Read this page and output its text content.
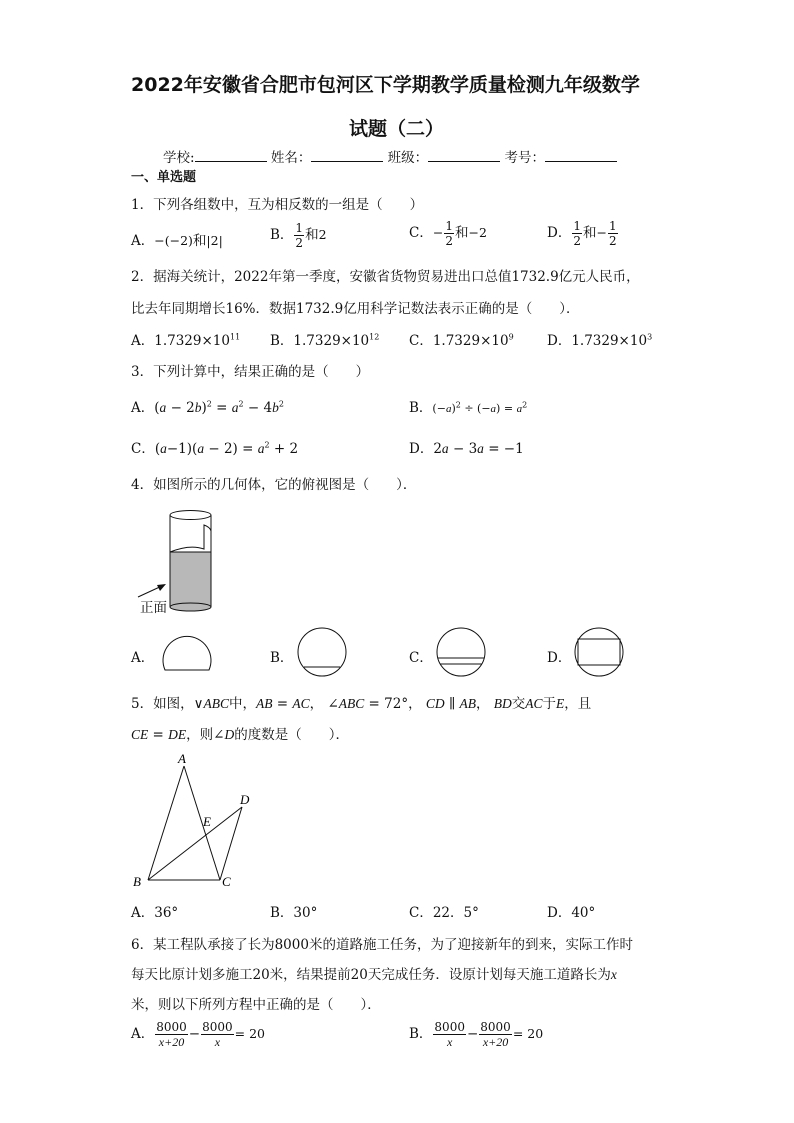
2022年安徽省合肥市包河区下学期教学质量检测九年级数学
试题（二）
学校:	姓名：	班级：	考号：
一、单选题
1．下列各组数中，互为相反数的一组是（　　）
A．−(−2)和|2|	B． $\frac{1}{2}$ 和2	C．− $\frac{1}{2}$ 和−2	D． $\frac{1}{2}$ 和− $\frac{1}{2}$
2．据海关统计，2022年第一季度，安徽省货物贸易进出口总值1732.9亿元人民币，
比去年同期增长16%．数据1732.9亿用科学记数法表示正确的是（　　）．
A．$1.7329\times 10^{11}$ B．$1.7329\times 10^{12}$ C．$1.7329\times 10^9$ D．$1.7329\times 10^3$
3．下列计算中，结果正确的是（　　）
A．$(a - 2b)^2 = a^2 - 4b^2$	B．$(-a)^2 \div (-a) = a^2$
C．$(a-1)(a - 2) = a^2 + 2$	D．2a − 3a = −1
4．如图所示的几何体，它的俯视图是（　　）．
正面
A．	B．	C．	D．
5．如图，∨ABC中，AB = AC， ∠ABC = 72°， CD ∥ AB， BD交AC于E，且
CE = DE，则∠D的度数是（　　）．
A
B	C
D
E
A．36°	B．30°	C．22．5°	D．40°
6．某工程队承接了长为8000米的道路施工任务，为了迎接新年的到来，实际工作时
每天比原计划多施工20米，结果提前20天完成任务．设原计划每天施工道路长为x
米，则以下所列方程中正确的是（　　）．
A． $\frac{8000}{x+20} - \frac{8000}{x} = 20$	B． $\frac{8000}{x} - \frac{8000}{x+20} = 20$
